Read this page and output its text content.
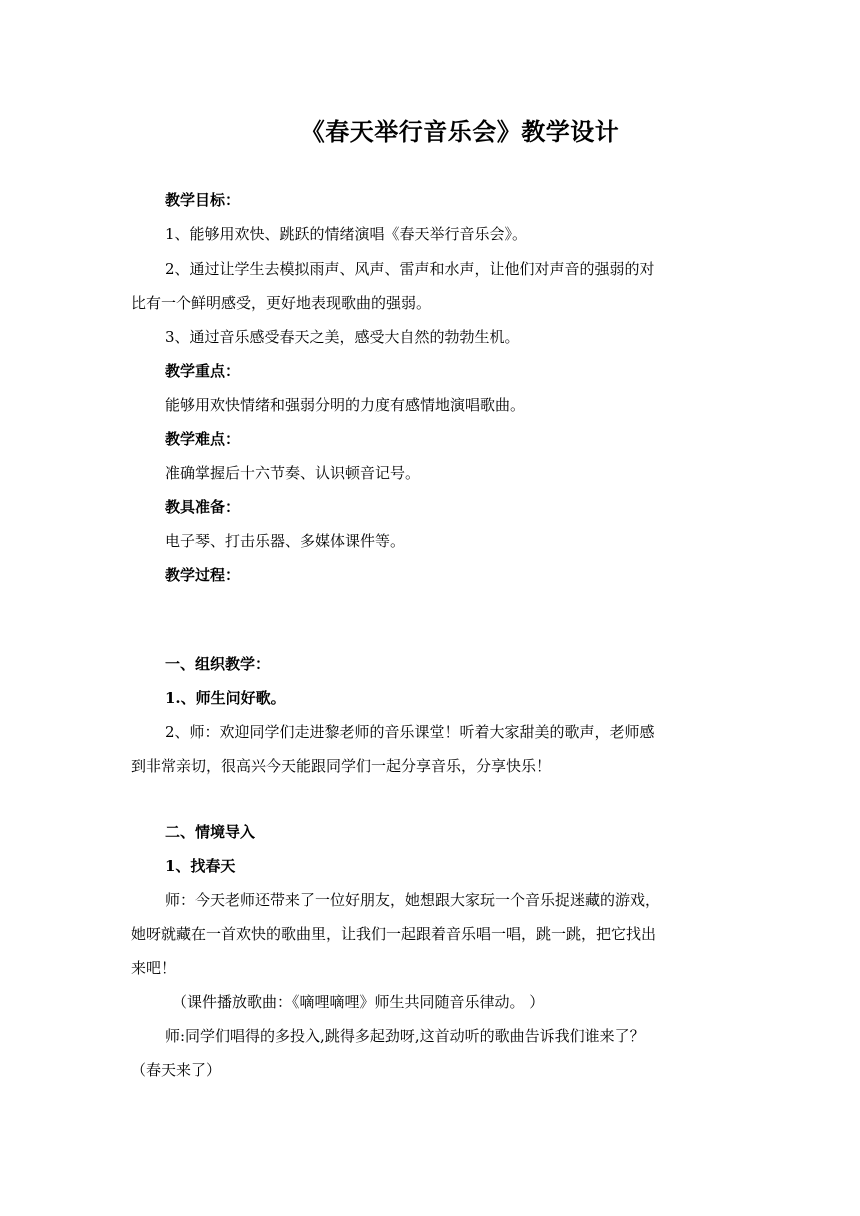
《春天举行音乐会》教学设计
教学目标：
1、能够用欢快、跳跃的情绪演唱《春天举行音乐会》。
2、通过让学生去模拟雨声、风声、雷声和水声，让他们对声音的强弱的对
比有一个鲜明感受，更好地表现歌曲的强弱。
3、通过音乐感受春天之美，感受大自然的勃勃生机。
教学重点：
能够用欢快情绪和强弱分明的力度有感情地演唱歌曲。
教学难点：
准确掌握后十六节奏、认识顿音记号。
教具准备：
电子琴、打击乐器、多媒体课件等。
教学过程：
一、组织教学：
1.、师生问好歌。
2、师：欢迎同学们走进黎老师的音乐课堂！听着大家甜美的歌声，老师感
到非常亲切，很高兴今天能跟同学们一起分享音乐，分享快乐！
二、情境导入
1、找春天
师：今天老师还带来了一位好朋友，她想跟大家玩一个音乐捉迷藏的游戏，
她呀就藏在一首欢快的歌曲里，让我们一起跟着音乐唱一唱，跳一跳，把它找出
来吧！
（课件播放歌曲：《嘀哩嘀哩》师生共同随音乐律动。 ）
师:同学们唱得的多投入,跳得多起劲呀,这首动听的歌曲告诉我们谁来了？
（春天来了）
